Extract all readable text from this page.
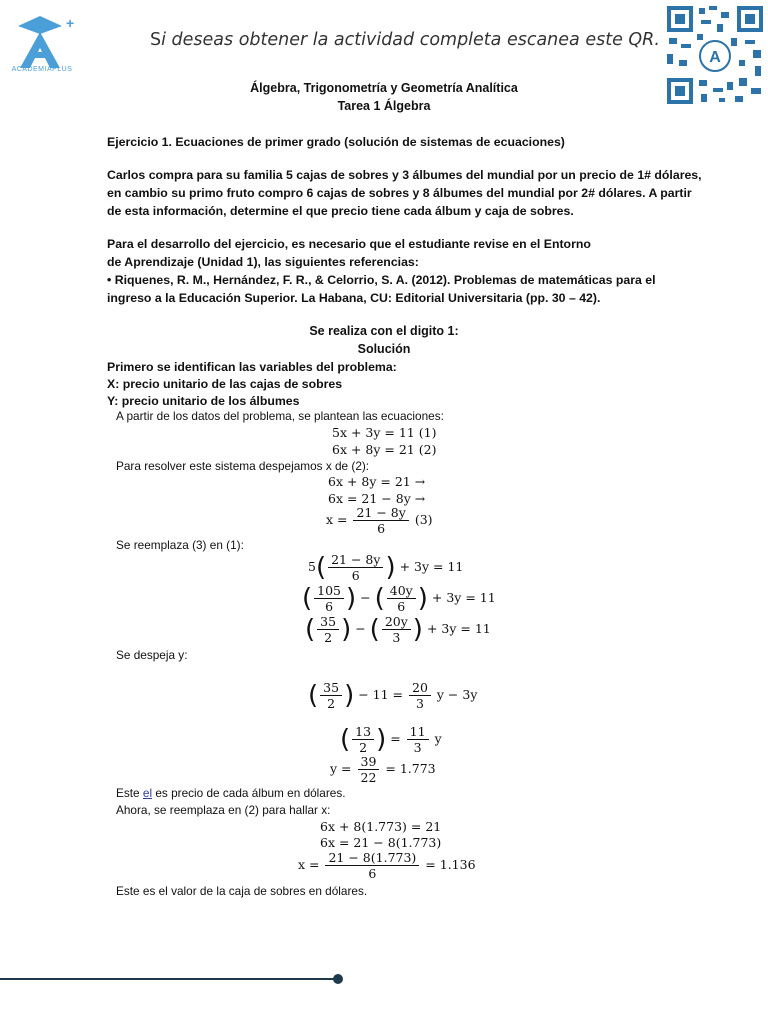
+
ACADEMIAPLUS
Si deseas obtener la actividad completa escanea este QR.
A
Álgebra, Trigonometría y Geometría Analítica
Tarea 1 Álgebra
Ejercicio 1. Ecuaciones de primer grado (solución de sistemas de ecuaciones)
Carlos compra para su familia 5 cajas de sobres y 3 álbumes del mundial por un precio de 1# dólares,
en cambio su primo fruto compro 6 cajas de sobres y 8 álbumes del mundial por 2# dólares. A partir
de esta información, determine el que precio tiene cada álbum y caja de sobres.
Para el desarrollo del ejercicio, es necesario que el estudiante revise en el Entorno
de Aprendizaje (Unidad 1), las siguientes referencias:
• Riquenes, R. M., Hernández, F. R., & Celorrio, S. A. (2012). Problemas de matemáticas para el
ingreso a la Educación Superior. La Habana, CU: Editorial Universitaria (pp. 30 – 42).
Se realiza con el digito 1:
Solución
Primero se identifican las variables del problema:
X: precio unitario de las cajas de sobres
Y: precio unitario de los álbumes
A partir de los datos del problema, se plantean las ecuaciones:
5x + 3y = 11 (1)
6x + 8y = 21 (2)
Para resolver este sistema despejamos x de (2):
6x + 8y = 21 →
6x = 21 − 8y →
$x = \frac{21 - 8y}{6} (3)$
Se reemplaza (3) en (1):
$5( \frac{21 - 8y}{6}$ ) + 3y = 11
( $\frac{105}{6}$ ) − ( $\frac{40y}{6}$ ) + 3y = 11
( $\frac{35}{2}$ ) − ( $\frac{20y}{3}$ ) + 3y = 11
Se despeja y:
( $\frac{35}{2}$ ) − $11 = \frac{20}{3}$ y − 3y
( $\frac{13}{2}$ ) = $\frac{11}{3}$ y
$y = \frac{39}{22} = 1.773$
Este el es precio de cada álbum en dólares.
Ahora, se reemplaza en (2) para hallar x:
6x + 8(1.773) = 21
6x = 21 − 8(1.773)
$x = \frac{21 - 8(1.773)}{6} = 1.136$
Este es el valor de la caja de sobres en dólares.
